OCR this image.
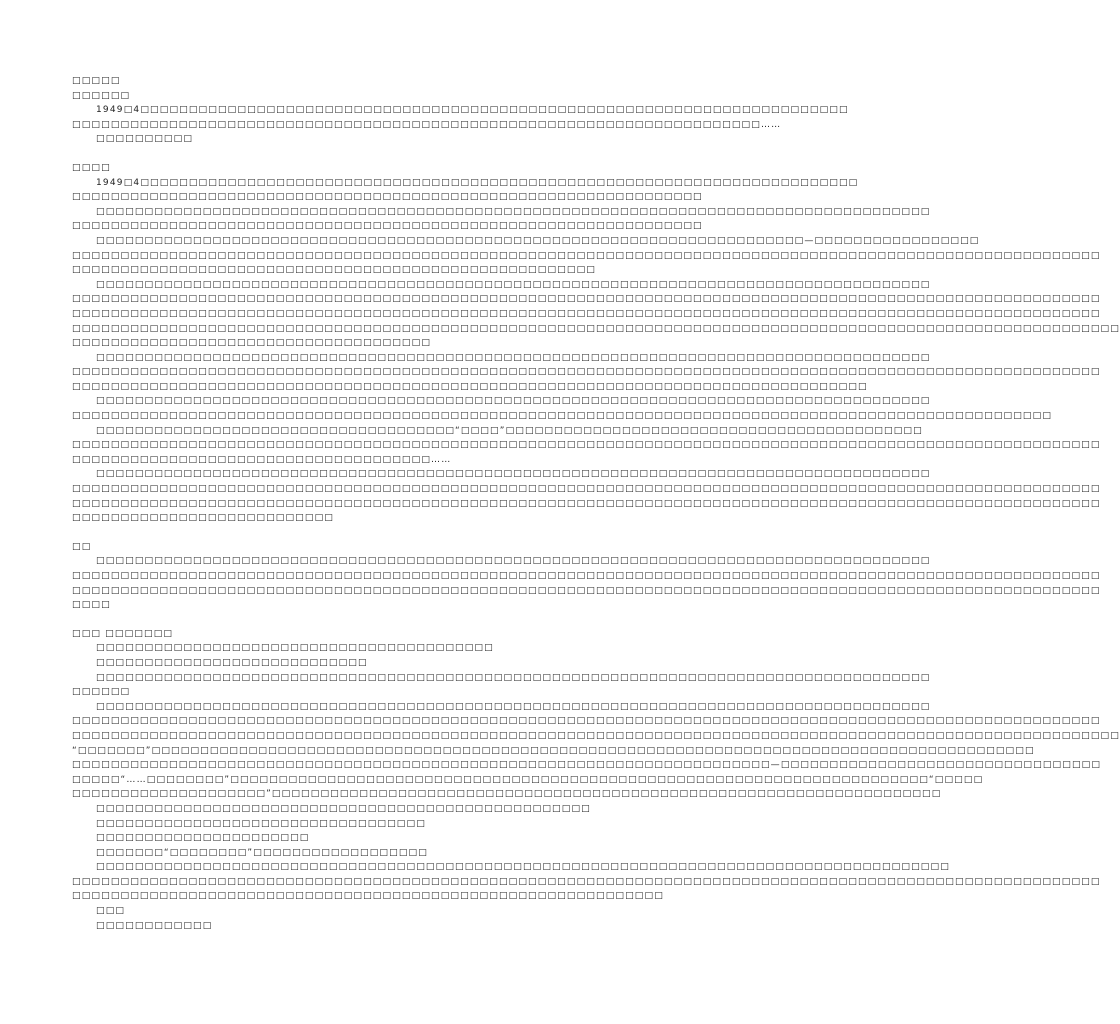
□□□□□
□□□□□□
1949□4□□□□□□□□□□□□□□□□□□□□□□□□□□□□□□□□□□□□□□□□□□□□□□□□□□□□□□□□□□□□□□□□□□□□□□□□□
□□□□□□□□□□□□□□□□□□□□□□□□□□□□□□□□□□□□□□□□□□□□□□□□□□□□□□□□□□□□□□□□□□□□□□□……
□□□□□□□□□□
□□□□
1949□4□□□□□□□□□□□□□□□□□□□□□□□□□□□□□□□□□□□□□□□□□□□□□□□□□□□□□□□□□□□□□□□□□□□□□□□□□□
□□□□□□□□□□□□□□□□□□□□□□□□□□□□□□□□□□□□□□□□□□□□□□□□□□□□□□□□□□□□□□□□□
□□□□□□□□□□□□□□□□□□□□□□□□□□□□□□□□□□□□□□□□□□□□□□□□□□□□□□□□□□□□□□□□□□□□□□□□□□□□□□□□□□□□□□
□□□□□□□□□□□□□□□□□□□□□□□□□□□□□□□□□□□□□□□□□□□□□□□□□□□□□□□□□□□□□□□□□
□□□□□□□□□□□□□□□□□□□□□□□□□□□□□□□□□□□□□□□□□□□□□□□□□□□□□□□□□□□□□□□□□□□□□□□□□—□□□□□□□□□□□□□□□□□
□□□□□□□□□□□□□□□□□□□□□□□□□□□□□□□□□□□□□□□□□□□□□□□□□□□□□□□□□□□□□□□□□□□□□□□□□□□□□□□□□□□□□□□□□□□□□□□□□□□□□□□□□□
□□□□□□□□□□□□□□□□□□□□□□□□□□□□□□□□□□□□□□□□□□□□□□□□□□□□□□
□□□□□□□□□□□□□□□□□□□□□□□□□□□□□□□□□□□□□□□□□□□□□□□□□□□□□□□□□□□□□□□□□□□□□□□□□□□□□□□□□□□□□□
□□□□□□□□□□□□□□□□□□□□□□□□□□□□□□□□□□□□□□□□□□□□□□□□□□□□□□□□□□□□□□□□□□□□□□□□□□□□□□□□□□□□□□□□□□□□□□□□□□□□□□□□□□
□□□□□□□□□□□□□□□□□□□□□□□□□□□□□□□□□□□□□□□□□□□□□□□□□□□□□□□□□□□□□□□□□□□□□□□□□□□□□□□□□□□□□□□□□□□□□□□□□□□□□□□□□□
□□□□□□□□□□□□□□□□□□□□□□□□□□□□□□□□□□□□□□□□□□□□□□□□□□□□□□□□□□□□□□□□□□□□□□□□□□□□□□□□□□□□□□□□□□□□□□□□□□□□□□□□□□□□
□□□□□□□□□□□□□□□□□□□□□□□□□□□□□□□□□□□□□
□□□□□□□□□□□□□□□□□□□□□□□□□□□□□□□□□□□□□□□□□□□□□□□□□□□□□□□□□□□□□□□□□□□□□□□□□□□□□□□□□□□□□□
□□□□□□□□□□□□□□□□□□□□□□□□□□□□□□□□□□□□□□□□□□□□□□□□□□□□□□□□□□□□□□□□□□□□□□□□□□□□□□□□□□□□□□□□□□□□□□□□□□□□□□□□□□
□□□□□□□□□□□□□□□□□□□□□□□□□□□□□□□□□□□□□□□□□□□□□□□□□□□□□□□□□□□□□□□□□□□□□□□□□□□□□□□□□□
□□□□□□□□□□□□□□□□□□□□□□□□□□□□□□□□□□□□□□□□□□□□□□□□□□□□□□□□□□□□□□□□□□□□□□□□□□□□□□□□□□□□□□
□□□□□□□□□□□□□□□□□□□□□□□□□□□□□□□□□□□□□□□□□□□□□□□□□□□□□□□□□□□□□□□□□□□□□□□□□□□□□□□□□□□□□□□□□□□□□□□□□□□□□
□□□□□□□□□□□□□□□□□□□□□□□□□□□□□□□□□□□□□“□□□□”□□□□□□□□□□□□□□□□□□□□□□□□□□□□□□□□□□□□□□□□□□□
□□□□□□□□□□□□□□□□□□□□□□□□□□□□□□□□□□□□□□□□□□□□□□□□□□□□□□□□□□□□□□□□□□□□□□□□□□□□□□□□□□□□□□□□□□□□□□□□□□□□□□□□□□
□□□□□□□□□□□□□□□□□□□□□□□□□□□□□□□□□□□□□……
□□□□□□□□□□□□□□□□□□□□□□□□□□□□□□□□□□□□□□□□□□□□□□□□□□□□□□□□□□□□□□□□□□□□□□□□□□□□□□□□□□□□□□
□□□□□□□□□□□□□□□□□□□□□□□□□□□□□□□□□□□□□□□□□□□□□□□□□□□□□□□□□□□□□□□□□□□□□□□□□□□□□□□□□□□□□□□□□□□□□□□□□□□□□□□□□□
□□□□□□□□□□□□□□□□□□□□□□□□□□□□□□□□□□□□□□□□□□□□□□□□□□□□□□□□□□□□□□□□□□□□□□□□□□□□□□□□□□□□□□□□□□□□□□□□□□□□□□□□□□
□□□□□□□□□□□□□□□□□□□□□□□□□□□
□□
□□□□□□□□□□□□□□□□□□□□□□□□□□□□□□□□□□□□□□□□□□□□□□□□□□□□□□□□□□□□□□□□□□□□□□□□□□□□□□□□□□□□□□
□□□□□□□□□□□□□□□□□□□□□□□□□□□□□□□□□□□□□□□□□□□□□□□□□□□□□□□□□□□□□□□□□□□□□□□□□□□□□□□□□□□□□□□□□□□□□□□□□□□□□□□□□□
□□□□□□□□□□□□□□□□□□□□□□□□□□□□□□□□□□□□□□□□□□□□□□□□□□□□□□□□□□□□□□□□□□□□□□□□□□□□□□□□□□□□□□□□□□□□□□□□□□□□□□□□□□
□□□□
□□□ □□□□□□□
□□□□□□□□□□□□□□□□□□□□□□□□□□□□□□□□□□□□□□□□□
□□□□□□□□□□□□□□□□□□□□□□□□□□□□
□□□□□□□□□□□□□□□□□□□□□□□□□□□□□□□□□□□□□□□□□□□□□□□□□□□□□□□□□□□□□□□□□□□□□□□□□□□□□□□□□□□□□□
□□□□□□
□□□□□□□□□□□□□□□□□□□□□□□□□□□□□□□□□□□□□□□□□□□□□□□□□□□□□□□□□□□□□□□□□□□□□□□□□□□□□□□□□□□□□□
□□□□□□□□□□□□□□□□□□□□□□□□□□□□□□□□□□□□□□□□□□□□□□□□□□□□□□□□□□□□□□□□□□□□□□□□□□□□□□□□□□□□□□□□□□□□□□□□□□□□□□□□□□
□□□□□□□□□□□□□□□□□□□□□□□□□□□□□□□□□□□□□□□□□□□□□□□□□□□□□□□□□□□□□□□□□□□□□□□□□□□□□□□□□□□□□□□□□□□□□□□□□□□□□□□□□□□□
“□□□□□□□”□□□□□□□□□□□□□□□□□□□□□□□□□□□□□□□□□□□□□□□□□□□□□□□□□□□□□□□□□□□□□□□□□□□□□□□□□□□□□□□□□□□□□□□□□□□
□□□□□□□□□□□□□□□□□□□□□□□□□□□□□□□□□□□□□□□□□□□□□□□□□□□□□□□□□□□□□□□□□□□□□□□□—□□□□□□□□□□□□□□□□□□□□□□□□□□□□□□□□□
□□□□□“……□□□□□□□□”□□□□□□□□□□□□□□□□□□□□□□□□□□□□□□□□□□□□□□□□□□□□□□□□□□□□□□□□□□□□□□□□□□□□□□□□“□□□□□
□□□□□□□□□□□□□□□□□□□□”□□□□□□□□□□□□□□□□□□□□□□□□□□□□□□□□□□□□□□□□□□□□□□□□□□□□□□□□□□□□□□□□□□□□□
□□□□□□□□□□□□□□□□□□□□□□□□□□□□□□□□□□□□□□□□□□□□□□□□□□□
□□□□□□□□□□□□□□□□□□□□□□□□□□□□□□□□□□
□□□□□□□□□□□□□□□□□□□□□□
□□□□□□□“□□□□□□□□”□□□□□□□□□□□□□□□□□□
□□□□□□□□□□□□□□□□□□□□□□□□□□□□□□□□□□□□□□□□□□□□□□□□□□□□□□□□□□□□□□□□□□□□□□□□□□□□□□□□□□□□□□□□
□□□□□□□□□□□□□□□□□□□□□□□□□□□□□□□□□□□□□□□□□□□□□□□□□□□□□□□□□□□□□□□□□□□□□□□□□□□□□□□□□□□□□□□□□□□□□□□□□□□□□□□□□□
□□□□□□□□□□□□□□□□□□□□□□□□□□□□□□□□□□□□□□□□□□□□□□□□□□□□□□□□□□□□□
□□□
□□□□□□□□□□□□
